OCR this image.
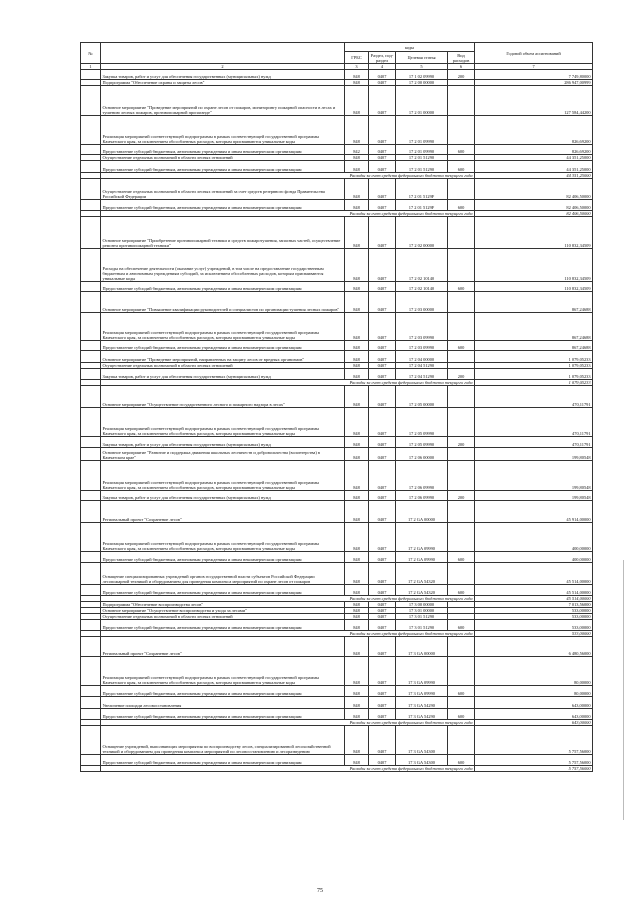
№		коды				Годовой объем ассигнований
		ГРБС	Раздел, под-раздел	Целевая статья	Вид расходов	
1	2	3	4	5	6	7
	Закупка товаров, работ и услуг для обеспечения государственных (муниципальных) нужд	848	0407	17 1 02 09990	200	7 749,80000
	Подпрограмма "Обеспечение охраны и защиты лесов"	848	0407	17 2 00 00000		286 947,00999
	Основное мероприятие "Проведение мероприятий по охране лесов от пожаров, мониторингу пожарной опасности в лесах и тушению лесных пожаров, противопожарной пропаганде"	848	0407	17 2 01 00000		127 584,44200
	Реализация мероприятий соответствующей подпрограммы в рамках соответствующей государственной программы Камчатского края, за исключением обособленных расходов, которым присваиваются уникальные коды	848	0407	17 2 01 09990		826,69200
	Предоставление субсидий бюджетным, автономным учреждениям и иным некоммерческим организациям	842	0407	17 2 01 09990	600	826,69200
	Осуществление отдельных полномочий в области лесных отношений	848	0407	17 2 01 51290		44 351,25000
	Предоставление субсидий бюджетным, автономным учреждениям и иным некоммерческим организациям	848	0407	17 2 01 51290	600	44 351,25000
	Расходы за счет средств федерального бюджета текущего года					44 351,25000
	Осуществление отдельных полномочий в области лесных отношений за счет средств резервного фонда Правительства Российской Федерации	848	0407	17 2 01 5129F		82 406,50000
	Предоставление субсидий бюджетным, автономным учреждениям и иным некоммерческим организациям	848	0407	17 2 01 5129F	600	82 406,50000
	Расходы за счет средств федерального бюджета текущего года					82 406,50000
	Основное мероприятие "Приобретение противопожарной техники и средств пожаротушения, запасных частей, осуществление ремонта противопожарной техники"	848	0407	17 2 02 00000		110 832,34509
	Расходы на обеспечение деятельности (оказание услуг) учреждений, в том числе на предоставление государственным бюджетным и автономным учреждениям субсидий, за исключением обособленных расходов, которым присваиваются уникальные коды	848	0407	17 2 02 10140		110 832,34509
	Предоставление субсидий бюджетным, автономным учреждениям и иным некоммерческим организациям	848	0407	17 2 02 10140	600	110 832,34509
	Основное мероприятие "Повышение квалификации руководителей и специалистов по организации тушения лесных пожаров"	848	0407	17 2 03 00000		867,24688
	Реализация мероприятий соответствующей подпрограммы в рамках соответствующей государственной программы Камчатского края, за исключением обособленных расходов, которым присваиваются уникальные коды	848	0407	17 2 03 09990		867,24688
	Предоставление субсидий бюджетным, автономным учреждениям и иным некоммерческим организациям	848	0407	17 2 03 09990	600	867,24688
	Основное мероприятие "Проведение мероприятий, направленных на защиту лесов от вредных организмов"	848	0407	17 2 04 00000		1 079,05233
	Осуществление отдельных полномочий в области лесных отношений	848	0407	17 2 04 51290		1 079,05233
	Закупка товаров, работ и услуг для обеспечения государственных (муниципальных) нужд	848	0407	17 2 04 51290	200	1 079,05233
	Расходы за счет средств федерального бюджета текущего года					1 079,05233
	Основное мероприятие "Осуществление государственного лесного и пожарного надзора в лесах"	848	0407	17 2 05 00000		470,11791
	Реализация мероприятий соответствующей подпрограммы в рамках соответствующей государственной программы Камчатского края, за исключением обособленных расходов, которым присваиваются уникальные коды	848	0407	17 2 05 09990		470,11791
	Закупка товаров, работ и услуг для обеспечения государственных (муниципальных) нужд	848	0407	17 2 05 09990	200	470,11791
	Основное мероприятие "Развитие и поддержка движения школьных лесничеств и добровольчества (волонтерства) в Камчатском крае"	848	0407	17 2 06 00000		199,80548
	Реализация мероприятий соответствующей подпрограммы в рамках соответствующей государственной программы Камчатского края, за исключением обособленных расходов, которым присваиваются уникальные коды	848	0407	17 2 06 09990		199,80548
	Закупка товаров, работ и услуг для обеспечения государственных (муниципальных) нужд	848	0407	17 2 06 09990	200	199,80548
	Региональный проект "Сохранение лесов"	848	0407	17 2 GA 00000		45 914,00000
	Реализация мероприятий соответствующей подпрограммы в рамках соответствующей государственной программы Камчатского края, за исключением обособленных расходов, которым присваиваются уникальные коды	848	0407	17 2 GA 09990		400,00000
	Предоставление субсидий бюджетным, автономным учреждениям и иным некоммерческим организациям	848	0407	17 2 GA 09990	600	400,00000
	Оснащение специализированных учреждений органов государственной власти субъектов Российской Федерации лесопожарной техникой и оборудованием для проведения комплекса мероприятий по охране лесов от пожаров	848	0407	17 2 GA 54320		45 514,00000
	Предоставление субсидий бюджетным, автономным учреждениям и иным некоммерческим организациям	848	0407	17 2 GA 54320	600	45 514,00000
	Расходы за счет средств федерального бюджета текущего года					45 514,00000
	Подпрограмма "Обеспечение воспроизводства лесов"	848	0407	17 3 00 00000		7 013,56000
	Основное мероприятие "Осуществление воспроизводства и ухода за лесами"	848	0407	17 3 01 00000		533,00000
	Осуществление отдельных полномочий в области лесных отношений	848	0407	17 3 01 51290		533,00000
	Предоставление субсидий бюджетным, автономным учреждениям и иным некоммерческим организациям	848	0407	17 3 01 51290	600	533,00000
	Расходы за счет средств федерального бюджета текущего года					533,00000
	Региональный проект "Сохранение лесов"	848	0407	17 3 GA 00000		6 480,56000
	Реализация мероприятий соответствующей подпрограммы в рамках соответствующей государственной программы Камчатского края, за исключением обособленных расходов, которым присваиваются уникальные коды	848	0407	17 3 GA 09990		80,00000
	Предоставление субсидий бюджетным, автономным учреждениям и иным некоммерческим организациям	848	0407	17 3 GA 09990	600	80,00000
	Увеличение площади лесовосстановления	848	0407	17 3 GA 54290		643,00000
	Предоставление субсидий бюджетным, автономным учреждениям и иным некоммерческим организациям	848	0407	17 3 GA 54290	600	643,00000
	Расходы за счет средств федерального бюджета текущего года					643,00000
	Оснащение учреждений, выполняющих мероприятия по воспроизводству лесов, специализированной лесохозяйственной техникой и оборудованием для проведения комплекса мероприятий по лесовосстановлению и лесоразведению	848	0407	17 3 GA 54300		5 757,56000
	Предоставление субсидий бюджетным, автономным учреждениям и иным некоммерческим организациям	848	0407	17 3 GA 54300	600	5 757,56000
	Расходы за счет средств федерального бюджета текущего года					5 757,56000
75
